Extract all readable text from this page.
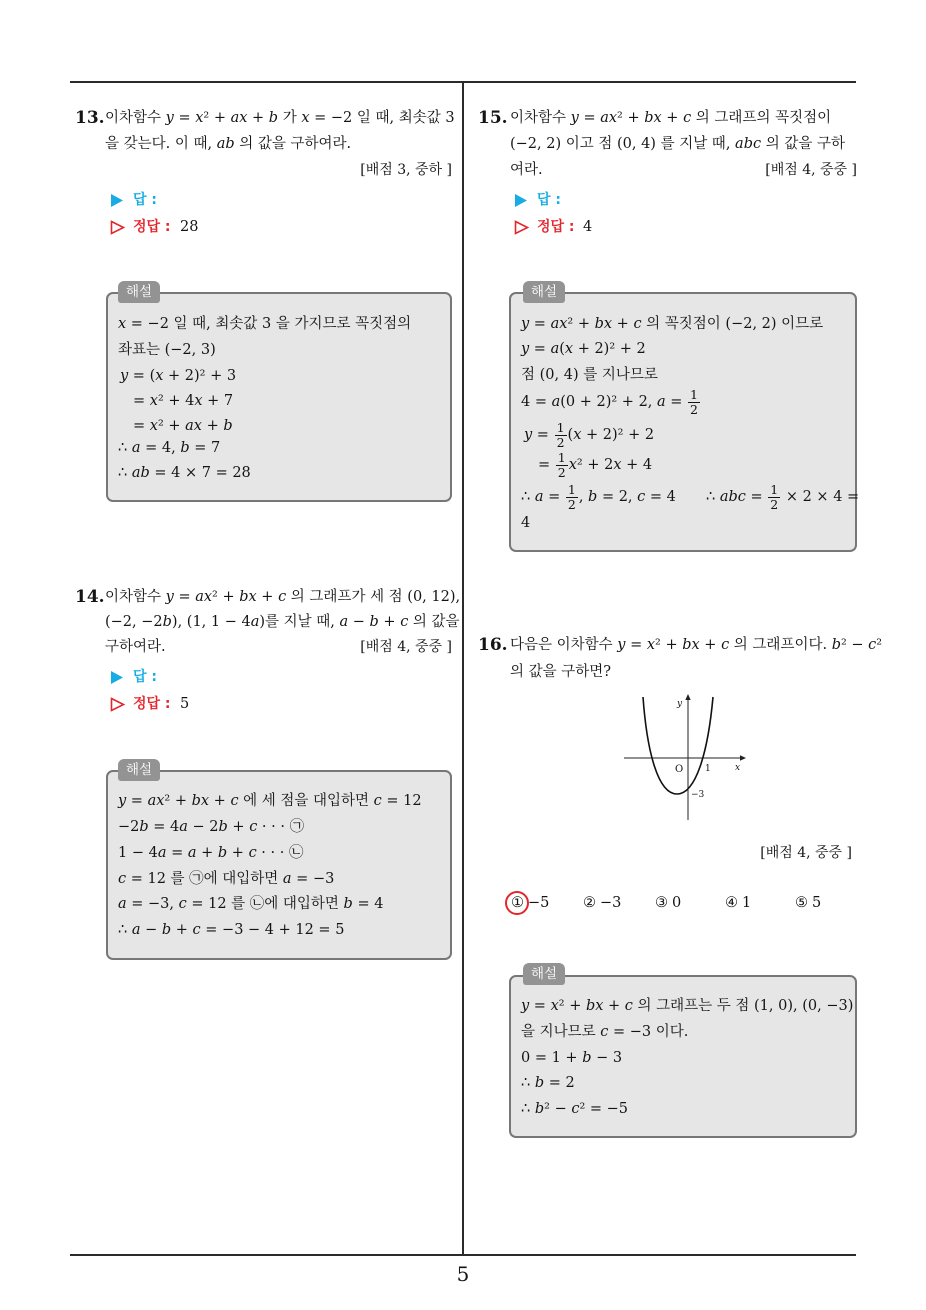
13. 이차함수 y = x² + ax + b 가 x = −2 일 때, 최솟값 3
을 갖는다. 이 때, ab 의 값을 구하여라.
[배점 3, 중하 ]
답 :
정답 : 28
해설
x = −2 일 때, 최솟값 3 을 가지므로 꼭짓점의
좌표는 (−2, 3)
y = (x + 2)² + 3
= x² + 4x + 7
= x² + ax + b
∴ a = 4, b = 7
∴ ab = 4 × 7 = 28
14. 이차함수 y = ax² + bx + c 의 그래프가 세 점 (0, 12),
(−2, −2b), (1, 1 − 4a)를 지날 때, a − b + c 의 값을
구하여라.	[배점 4, 중중 ]
답 :
정답 : 5
해설
y = ax² + bx + c 에 세 점을 대입하면 c = 12
−2b = 4a − 2b + c · · · ㉠
1 − 4a = a + b + c · · · ㉡
c = 12 를 ㉠에 대입하면 a = −3
a = −3, c = 12 를 ㉡에 대입하면 b = 4
∴ a − b + c = −3 − 4 + 12 = 5
15. 이차함수 y = ax² + bx + c 의 그래프의 꼭짓점이
(−2, 2) 이고 점 (0, 4) 를 지날 때, abc 의 값을 구하
여라.	[배점 4, 중중 ]
답 :
정답 : 4
해설
y = ax² + bx + c 의 꼭짓점이 (−2, 2) 이므로
y = a(x + 2)² + 2
점 (0, 4) 를 지나므로
4 = a(0 + 2)² + 2, $a = \frac{1}{2}$
$y = \frac{1}{2} (x + 2)^2 + 2$
= $\frac{1}{2} x^2 + 2x + 4$
∴ $a = \frac{1}{2}$ , b = 2, c = 4	∴ abc = $\frac{1}{2} \times 2 \times 4$ =
4
16. 다음은 이차함수 y = x² + bx + c 의 그래프이다. b² − c²
의 값을 구하면?
y
x
O 1
−3
[배점 4, 중중 ]
① −5 ② −3 ③ 0	④ 1	⑤ 5
해설
y = x² + bx + c 의 그래프는 두 점 (1, 0), (0, −3)
을 지나므로 c = −3 이다.
0 = 1 + b − 3
∴ b = 2
∴ b² − c² = −5
5
